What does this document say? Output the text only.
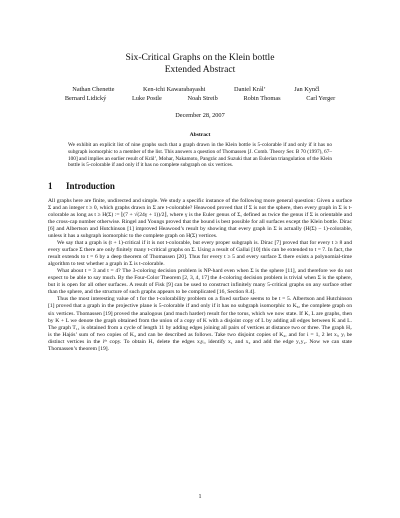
Six-Critical Graphs on the Klein bottle
Extended Abstract
Nathan Chenette	Ken-ichi Kawarabayashi	Daniel Král’	Jan Kynčl
Bernard Lidický	Luke Postle	Noah Streib	Robin Thomas	Carl Yerger
December 28, 2007
Abstract

We exhibit an explicit list of nine graphs such that a graph drawn in the Klein bottle is 5-colorable if and only if it has no subgraph isomorphic to a member of the list. This answers a question of Thomassen [J. Comb. Theory Ser. B 70 (1997), 67–100] and implies an earlier result of Král’, Mohar, Nakamoto, Pangrác and Suzuki that an Eulerian triangulation of the Klein bottle is 5-colorable if and only if it has no complete subgraph on six vertices.

1	Introduction

All graphs here are finite, undirected and simple. We study a specific instance of the following more general question: Given a surface Σ and an integer t ≥ 0, which graphs drawn in Σ are t-colorable? Heawood proved that if Σ is not the sphere, then every graph in Σ is t-colorable as long as t ≥ H(Σ) := ⌊(7 + √(24γ + 1))/2⌋, where γ is the Euler genus of Σ, defined as twice the genus if Σ is orientable and the cross-cap number otherwise. Ringel and Youngs proved that the bound is best possible for all surfaces except the Klein bottle. Dirac [6] and Albertson and Hutchinson [1] improved Heawood’s result by showing that every graph in Σ is actually (H(Σ) − 1)-colorable, unless it has a subgraph isomorphic to the complete graph on H(Σ) vertices.

We say that a graph is (t + 1)-critical if it is not t-colorable, but every proper subgraph is. Dirac [7] proved that for every t ≥ 8 and every surface Σ there are only finitely many t-critical graphs on Σ. Using a result of Gallai [10] this can be extended to t = 7. In fact, the result extends to t = 6 by a deep theorem of Thomassen [20]. Thus for every t ≥ 5 and every surface Σ there exists a polynomial-time algorithm to test whether a graph in Σ is t-colorable.

What about t = 3 and t = 4? The 3-coloring decision problem is NP-hard even when Σ is the sphere [11], and therefore we do not expect to be able to say much. By the Four-Color Theorem [2, 3, 4, 17] the 4-coloring decision problem is trivial when Σ is the sphere, but it is open for all other surfaces. A result of Fisk [9] can be used to construct infinitely many 5-critical graphs on any surface other than the sphere, and the structure of such graphs appears to be complicated [16, Section 8.4].

Thus the most interesting value of t for the t-colorability problem on a fixed surface seems to be t = 5. Albertson and Hutchinson [1] proved that a graph in the projective plane is 5-colorable if and only if it has no subgraph isomorphic to K₆, the complete graph on six vertices. Thomassen [19] proved the analogous (and much harder) result for the torus, which we now state. If K, L are graphs, then by K + L we denote the graph obtained from the union of a copy of K with a disjoint copy of L by adding all edges between K and L. The graph T₁₁ is obtained from a cycle of length 11 by adding edges joining all pairs of vertices at distance two or three. The graph H₇ is the Hajós’ sum of two copies of K₄ and can be described as follows. Take two disjoint copies of K₄, and for i = 1, 2 let xᵢ, yᵢ be distinct vertices in the iᵗʰ copy. To obtain H₇ delete the edges xᵢyᵢ, identify x₁ and x₂ and add the edge y₁y₂. Now we can state Thomassen’s theorem [19].

1
